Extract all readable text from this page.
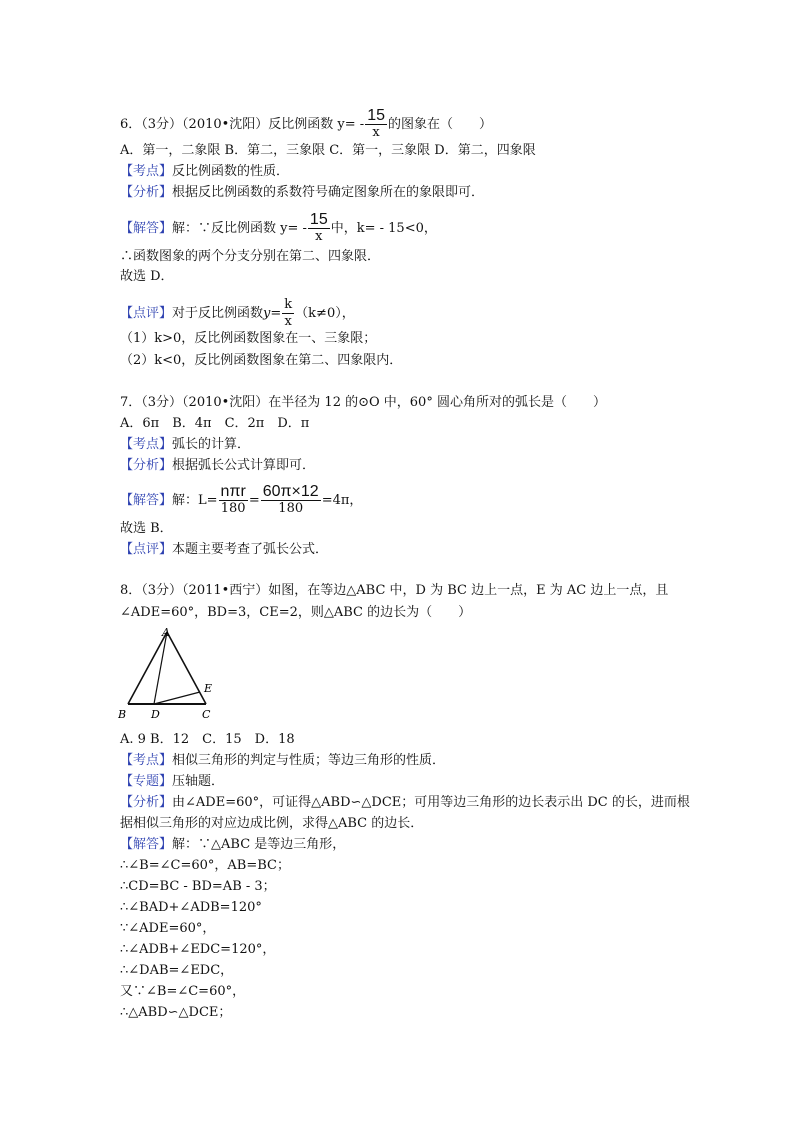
6．（3分）（2010•沈阳）反比例函数 $y= - \frac{15}{x}$ 的图象在（　　）
A．第一，二象限 B．第二，三象限 C．第一，三象限 D．第二，四象限
【考点】反比例函数的性质．
【分析】根据反比例函数的系数符号确定图象所在的象限即可．
【解答】解：∵反比例函数 $y= - \frac{15}{x}$ 中，k= - 15<0，
∴函数图象的两个分支分别在第二、四象限．
故选 D．
【点评】对于反比例函数$y= \frac{k}{x} (k\ne 0)$，
（1）k>0，反比例函数图象在一、三象限；
（2）k<0，反比例函数图象在第二、四象限内．
7．（3分）（2010•沈阳）在半径为 12 的⊙O 中，60° 圆心角所对的弧长是（　　）
A．6π　B．4π　C．2π　D．π
【考点】弧长的计算．
【分析】根据弧长公式计算即可．
【解答】解：$L= \frac{\text{nπr}}{180} = \frac{60\pi\times 12}{180} =4\pi$，
故选 B．
【点评】本题主要考查了弧长公式．
8．（3分）（2011•西宁）如图，在等边△ABC 中，D 为 BC 边上一点，E 为 AC 边上一点，且
∠ADE=60°，BD=3，CE=2，则△ABC 的边长为（　　）
A
B	C
D
E
A. 9 B．12　C．15　D．18
【考点】相似三角形的判定与性质；等边三角形的性质．
【专题】压轴题．
【分析】由∠ADE=60°，可证得△ABD∽△DCE；可用等边三角形的边长表示出 DC 的长，进而根
据相似三角形的对应边成比例，求得△ABC 的边长．
【解答】解：∵△ABC 是等边三角形，
∴∠B=∠C=60°，AB=BC；
∴CD=BC - BD=AB - 3；
∴∠BAD+∠ADB=120°
∵∠ADE=60°，
∴∠ADB+∠EDC=120°，
∴∠DAB=∠EDC，
又∵∠B=∠C=60°，
∴△ABD∽△DCE；
